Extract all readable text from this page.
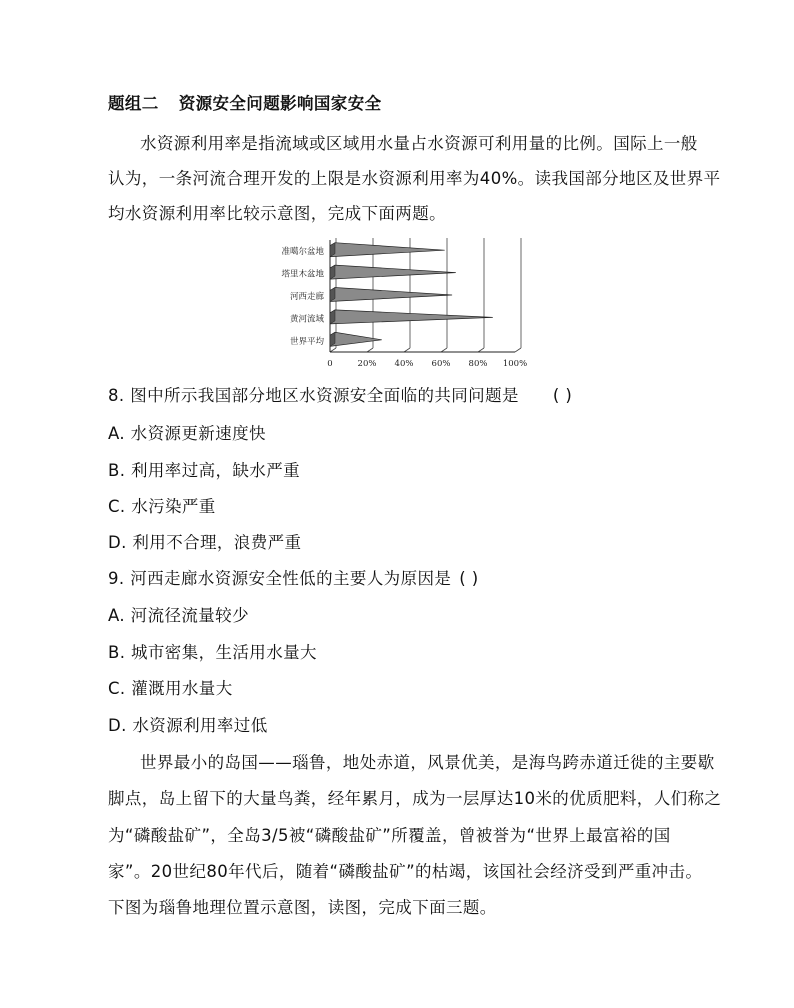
题组二 资源安全问题影响国家安全
水资源利用率是指流域或区域用水量占水资源可利用量的比例。国际上一般
认为，一条河流合理开发的上限是水资源利用率为40%。读我国部分地区及世界平
均水资源利用率比较示意图，完成下面两题。
0	20% 40% 60% 80% 100%
准噶尔盆地
塔里木盆地
河西走廊
黄河流域
世界平均
8. 图中所示我国部分地区水资源安全面临的共同问题是 ( )
A. 水资源更新速度快
B. 利用率过高，缺水严重
C. 水污染严重
D. 利用不合理，浪费严重
9. 河西走廊水资源安全性低的主要人为原因是 ( )
A. 河流径流量较少
B. 城市密集，生活用水量大
C. 灌溉用水量大
D. 水资源利用率过低
世界最小的岛国——瑙鲁，地处赤道，风景优美，是海鸟跨赤道迁徙的主要歇
脚点，岛上留下的大量鸟粪，经年累月，成为一层厚达10米的优质肥料，人们称之
为“磷酸盐矿”，全岛3/5被“磷酸盐矿”所覆盖，曾被誉为“世界上最富裕的国
家”。20世纪80年代后，随着“磷酸盐矿”的枯竭，该国社会经济受到严重冲击。
下图为瑙鲁地理位置示意图，读图，完成下面三题。
